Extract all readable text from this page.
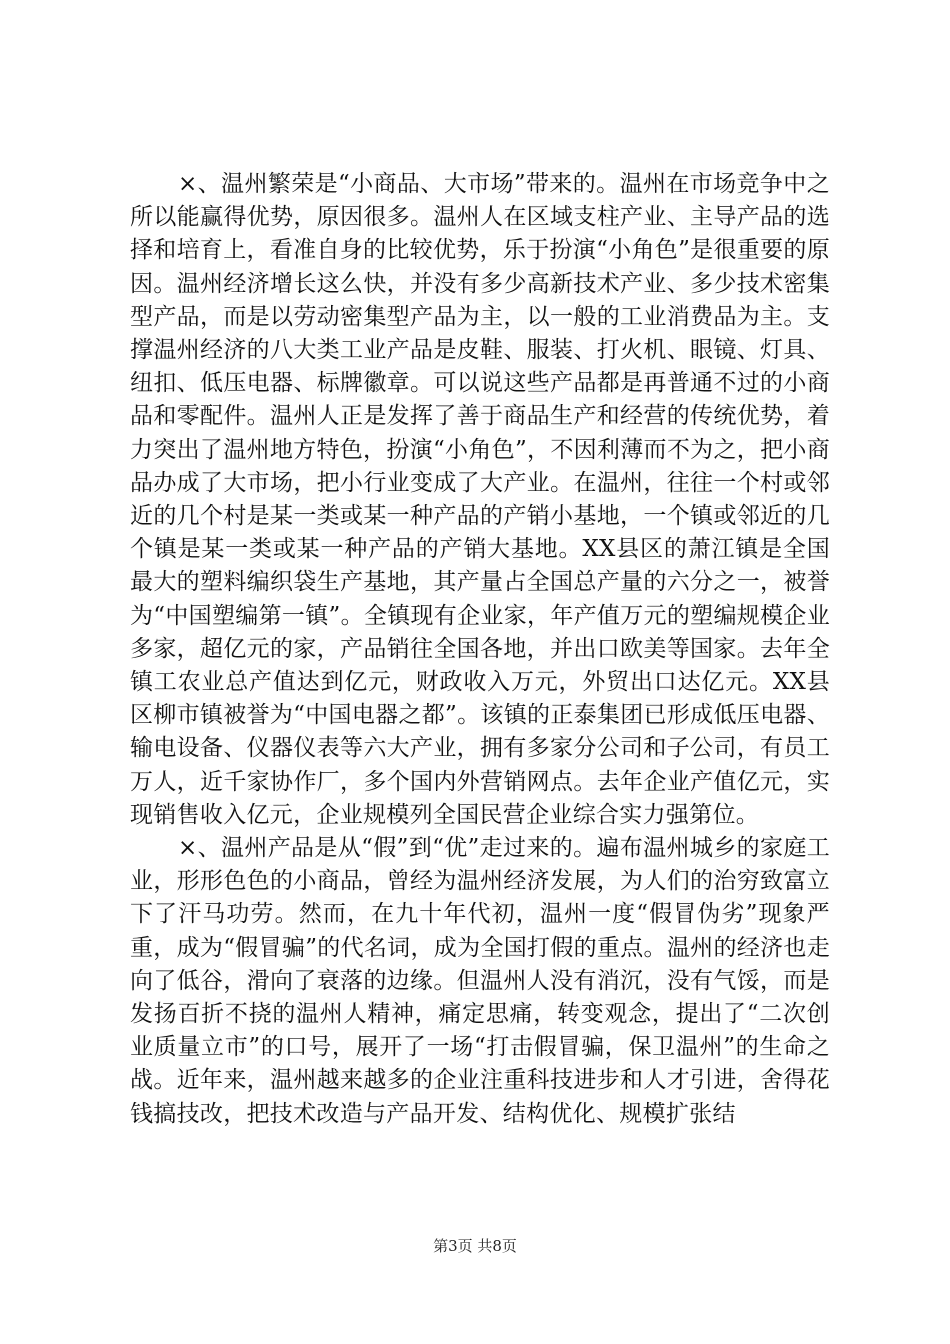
×、温州繁荣是“小商品、大市场”带来的。温州在市场竞争中之所以能赢得优势，原因很多。温州人在区域支柱产业、主导产品的选择和培育上，看准自身的比较优势，乐于扮演“小角色”是很重要的原因。温州经济增长这么快，并没有多少高新技术产业、多少技术密集型产品，而是以劳动密集型产品为主，以一般的工业消费品为主。支撑温州经济的八大类工业产品是皮鞋、服装、打火机、眼镜、灯具、纽扣、低压电器、标牌徽章。可以说这些产品都是再普通不过的小商品和零配件。温州人正是发挥了善于商品生产和经营的传统优势，着力突出了温州地方特色，扮演“小角色”，不因利薄而不为之，把小商品办成了大市场，把小行业变成了大产业。在温州，往往一个村或邻近的几个村是某一类或某一种产品的产销小基地，一个镇或邻近的几个镇是某一类或某一种产品的产销大基地。XX县区的萧江镇是全国最大的塑料编织袋生产基地，其产量占全国总产量的六分之一，被誉为“中国塑编第一镇”。全镇现有企业家，年产值万元的塑编规模企业多家，超亿元的家，产品销往全国各地，并出口欧美等国家。去年全镇工农业总产值达到亿元，财政收入万元，外贸出口达亿元。XX县区柳市镇被誉为“中国电器之都”。该镇的正泰集团已形成低压电器、输电设备、仪器仪表等六大产业，拥有多家分公司和子公司，有员工万人，近千家协作厂，多个国内外营销网点。去年企业产值亿元，实现销售收入亿元，企业规模列全国民营企业综合实力强第位。

×、温州产品是从“假”到“优”走过来的。遍布温州城乡的家庭工业，形形色色的小商品，曾经为温州经济发展，为人们的治穷致富立下了汗马功劳。然而，在九十年代初，温州一度“假冒伪劣”现象严重，成为“假冒骗”的代名词，成为全国打假的重点。温州的经济也走向了低谷，滑向了衰落的边缘。但温州人没有消沉，没有气馁，而是发扬百折不挠的温州人精神，痛定思痛，转变观念，提出了“二次创业质量立市”的口号，展开了一场“打击假冒骗，保卫温州”的生命之战。近年来，温州越来越多的企业注重科技进步和人才引进，舍得花钱搞技改，把技术改造与产品开发、结构优化、规模扩张结

第3页 共8页
